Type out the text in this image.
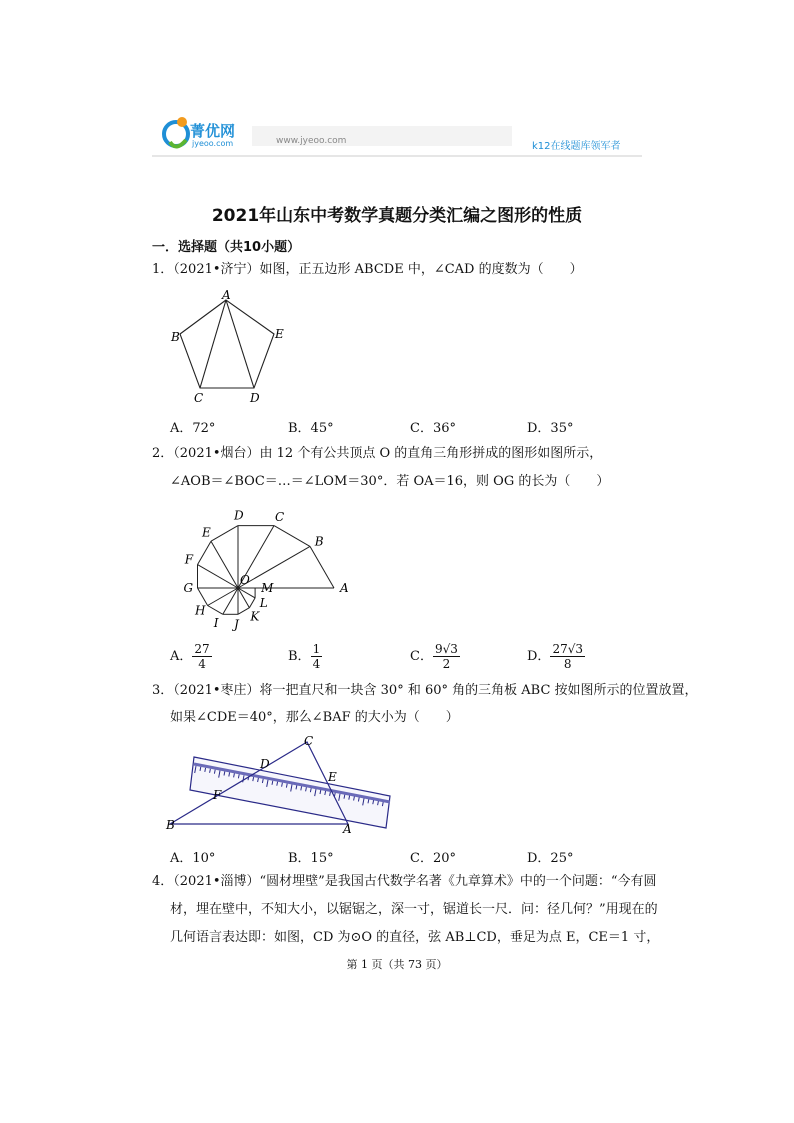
菁优网
jyeoo.com	www.jyeoo.com	k12在线题库领军者
2021年山东中考数学真题分类汇编之图形的性质
一．选择题（共10小题）
1．（2021•济宁）如图，正五边形 ABCDE 中，∠CAD 的度数为（　　）
A
B
C	D
E
A．72°	B．45°	C．36°	D．35°
2．（2021•烟台）由 12 个有公共顶点 O 的直角三角形拼成的图形如图所示，
∠AOB＝∠BOC＝…＝∠LOM＝30°．若 OA＝16，则 OG 的长为（　　）
A
B
C
D
E
F
G
H
I J
K
L
M
O
A． $\frac{27}{4}$	B． $\frac{1}{4}$	C． $\frac{9√3}{2}$	D． $\frac{27√3}{8}$
3．（2021•枣庄）将一把直尺和一块含 30° 和 60° 角的三角板 ABC 按如图所示的位置放置，
如果∠CDE＝40°，那么∠BAF 的大小为（　　）
C
D
E
F
B	A
A．10°	B．15°	C．20°	D．25°
4．（2021•淄博）“圆材埋壁”是我国古代数学名著《九章算术》中的一个问题：“今有圆
材，埋在壁中，不知大小，以锯锯之，深一寸，锯道长一尺．问：径几何？”用现在的
几何语言表达即：如图，CD 为⊙O 的直径，弦 AB⊥CD，垂足为点 E，CE＝1 寸，
第 1 页（共 73 页）
